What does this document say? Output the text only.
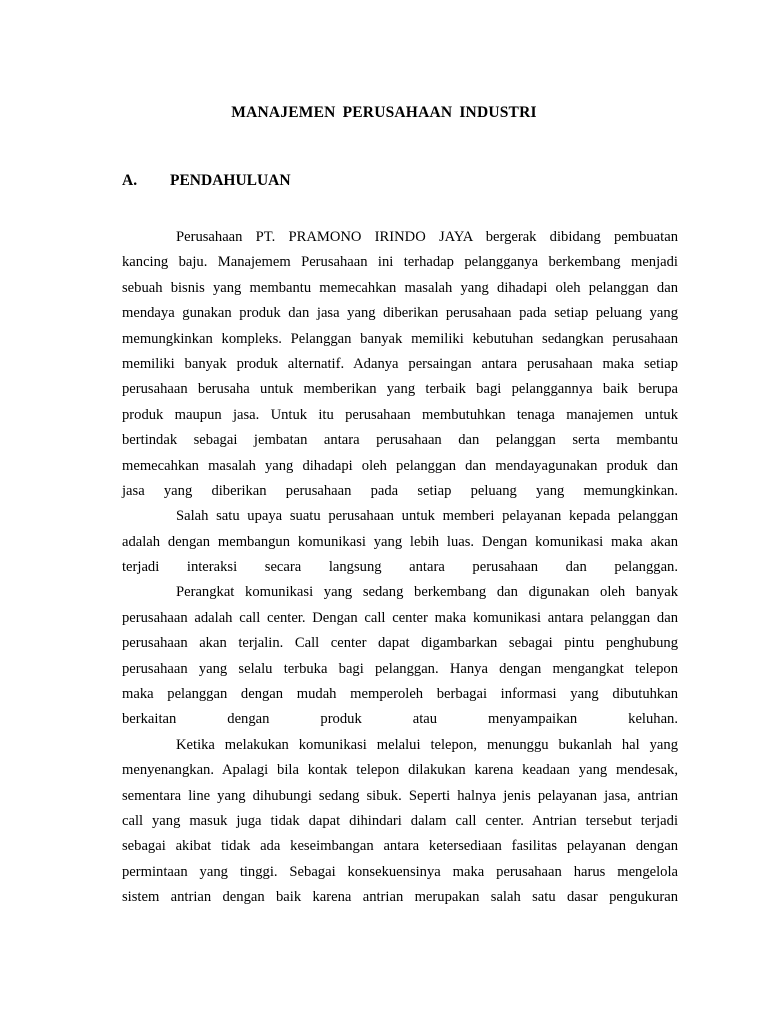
MANAJEMEN PERUSAHAAN INDUSTRI
A. PENDAHULUAN
Perusahaan PT. PRAMONO IRINDO JAYA bergerak dibidang pembuatan
kancing baju. Manajemem Perusahaan ini terhadap pelangganya berkembang menjadi
sebuah bisnis yang membantu memecahkan masalah yang dihadapi oleh pelanggan dan
mendaya gunakan produk dan jasa yang diberikan perusahaan pada setiap peluang yang
memungkinkan kompleks. Pelanggan banyak memiliki kebutuhan sedangkan perusahaan
memiliki banyak produk alternatif. Adanya persaingan antara perusahaan maka setiap
perusahaan berusaha untuk memberikan yang terbaik bagi pelanggannya baik berupa
produk maupun jasa. Untuk itu perusahaan membutuhkan tenaga manajemen untuk
bertindak sebagai jembatan antara perusahaan dan pelanggan serta membantu
memecahkan masalah yang dihadapi oleh pelanggan dan mendayagunakan produk dan
jasa yang diberikan perusahaan pada setiap peluang yang memungkinkan.
Salah satu upaya suatu perusahaan untuk memberi pelayanan kepada pelanggan
adalah dengan membangun komunikasi yang lebih luas. Dengan komunikasi maka akan
terjadi interaksi secara langsung antara perusahaan dan pelanggan.
Perangkat komunikasi yang sedang berkembang dan digunakan oleh banyak
perusahaan adalah call center. Dengan call center maka komunikasi antara pelanggan dan
perusahaan akan terjalin. Call center dapat digambarkan sebagai pintu penghubung
perusahaan yang selalu terbuka bagi pelanggan. Hanya dengan mengangkat telepon
maka pelanggan dengan mudah memperoleh berbagai informasi yang dibutuhkan
berkaitan dengan produk atau menyampaikan keluhan.
Ketika melakukan komunikasi melalui telepon, menunggu bukanlah hal yang
menyenangkan. Apalagi bila kontak telepon dilakukan karena keadaan yang mendesak,
sementara line yang dihubungi sedang sibuk. Seperti halnya jenis pelayanan jasa, antrian
call yang masuk juga tidak dapat dihindari dalam call center. Antrian tersebut terjadi
sebagai akibat tidak ada keseimbangan antara ketersediaan fasilitas pelayanan dengan
permintaan yang tinggi. Sebagai konsekuensinya maka perusahaan harus mengelola
sistem antrian dengan baik karena antrian merupakan salah satu dasar pengukuran
